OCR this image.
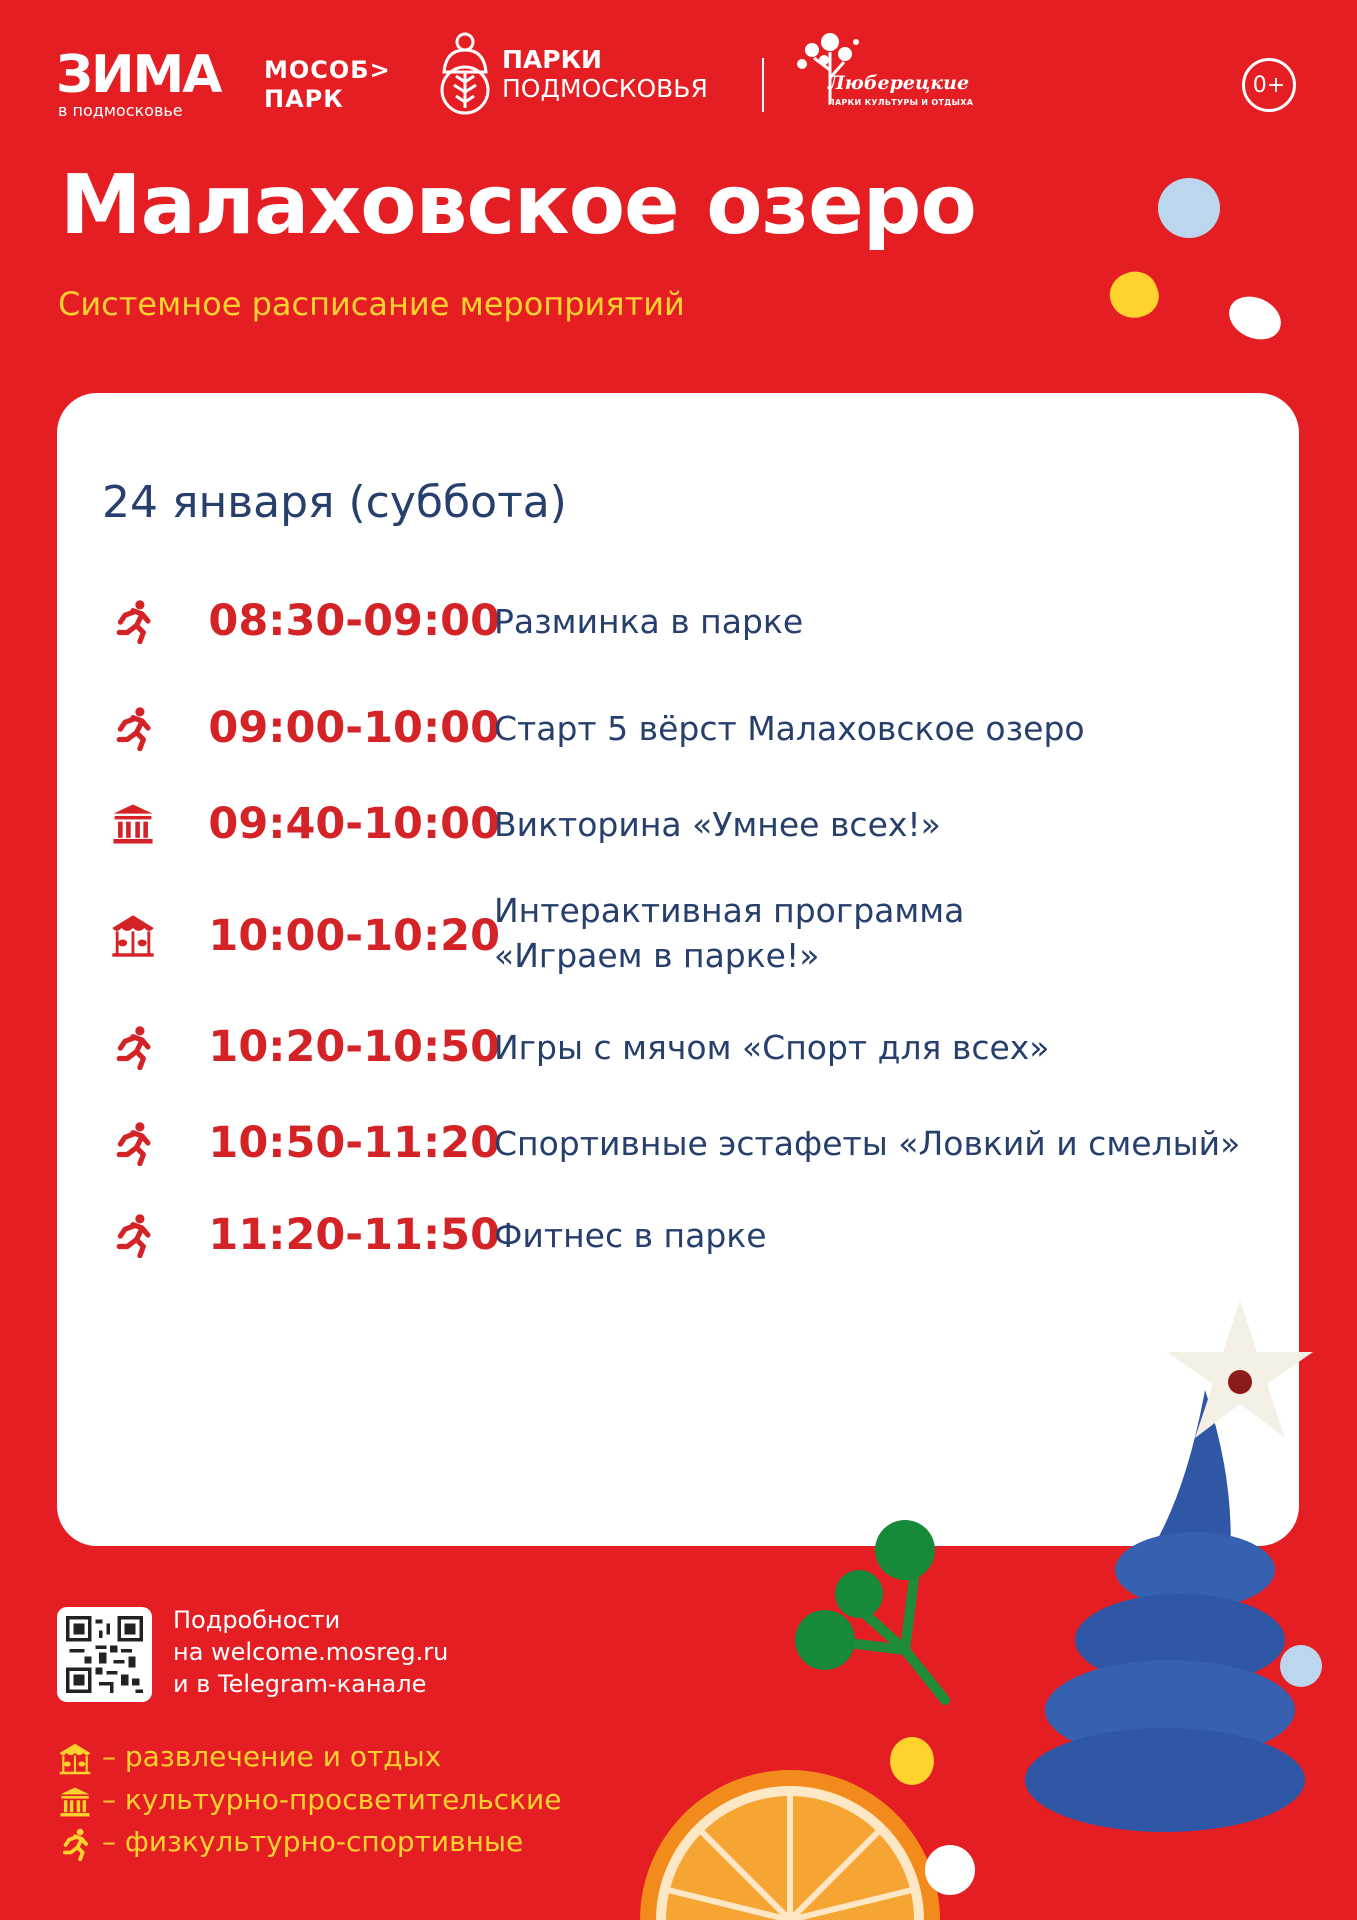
ЗИМА
в подмосковье
МОСОБ>
ПАРК
ПАРКИ
ПОДМОСКОВЬЯ	Люберецкие
ПАРКИ КУЛЬТУРЫ И ОТДЫХА
0+
Малаховское озеро
Системное расписание мероприятий
24 января (суббота)
08:30-09:00
Разминка в парке
09:00-10:00
Старт 5 вёрст Малаховское озеро
09:40-10:00
Викторина «Умнее всех!»
10:00-10:20
Интерактивная программа
«Играем в парке!»
10:20-10:50
Игры с мячом «Спорт для всех»
10:50-11:20
Спортивные эстафеты «Ловкий и смелый»
11:20-11:50
Фитнес в парке
Подробности
на welcome.mosreg.ru
и в Telegram-канале
– развлечение и отдых
– культурно-просветительские
– физкультурно-спортивные
